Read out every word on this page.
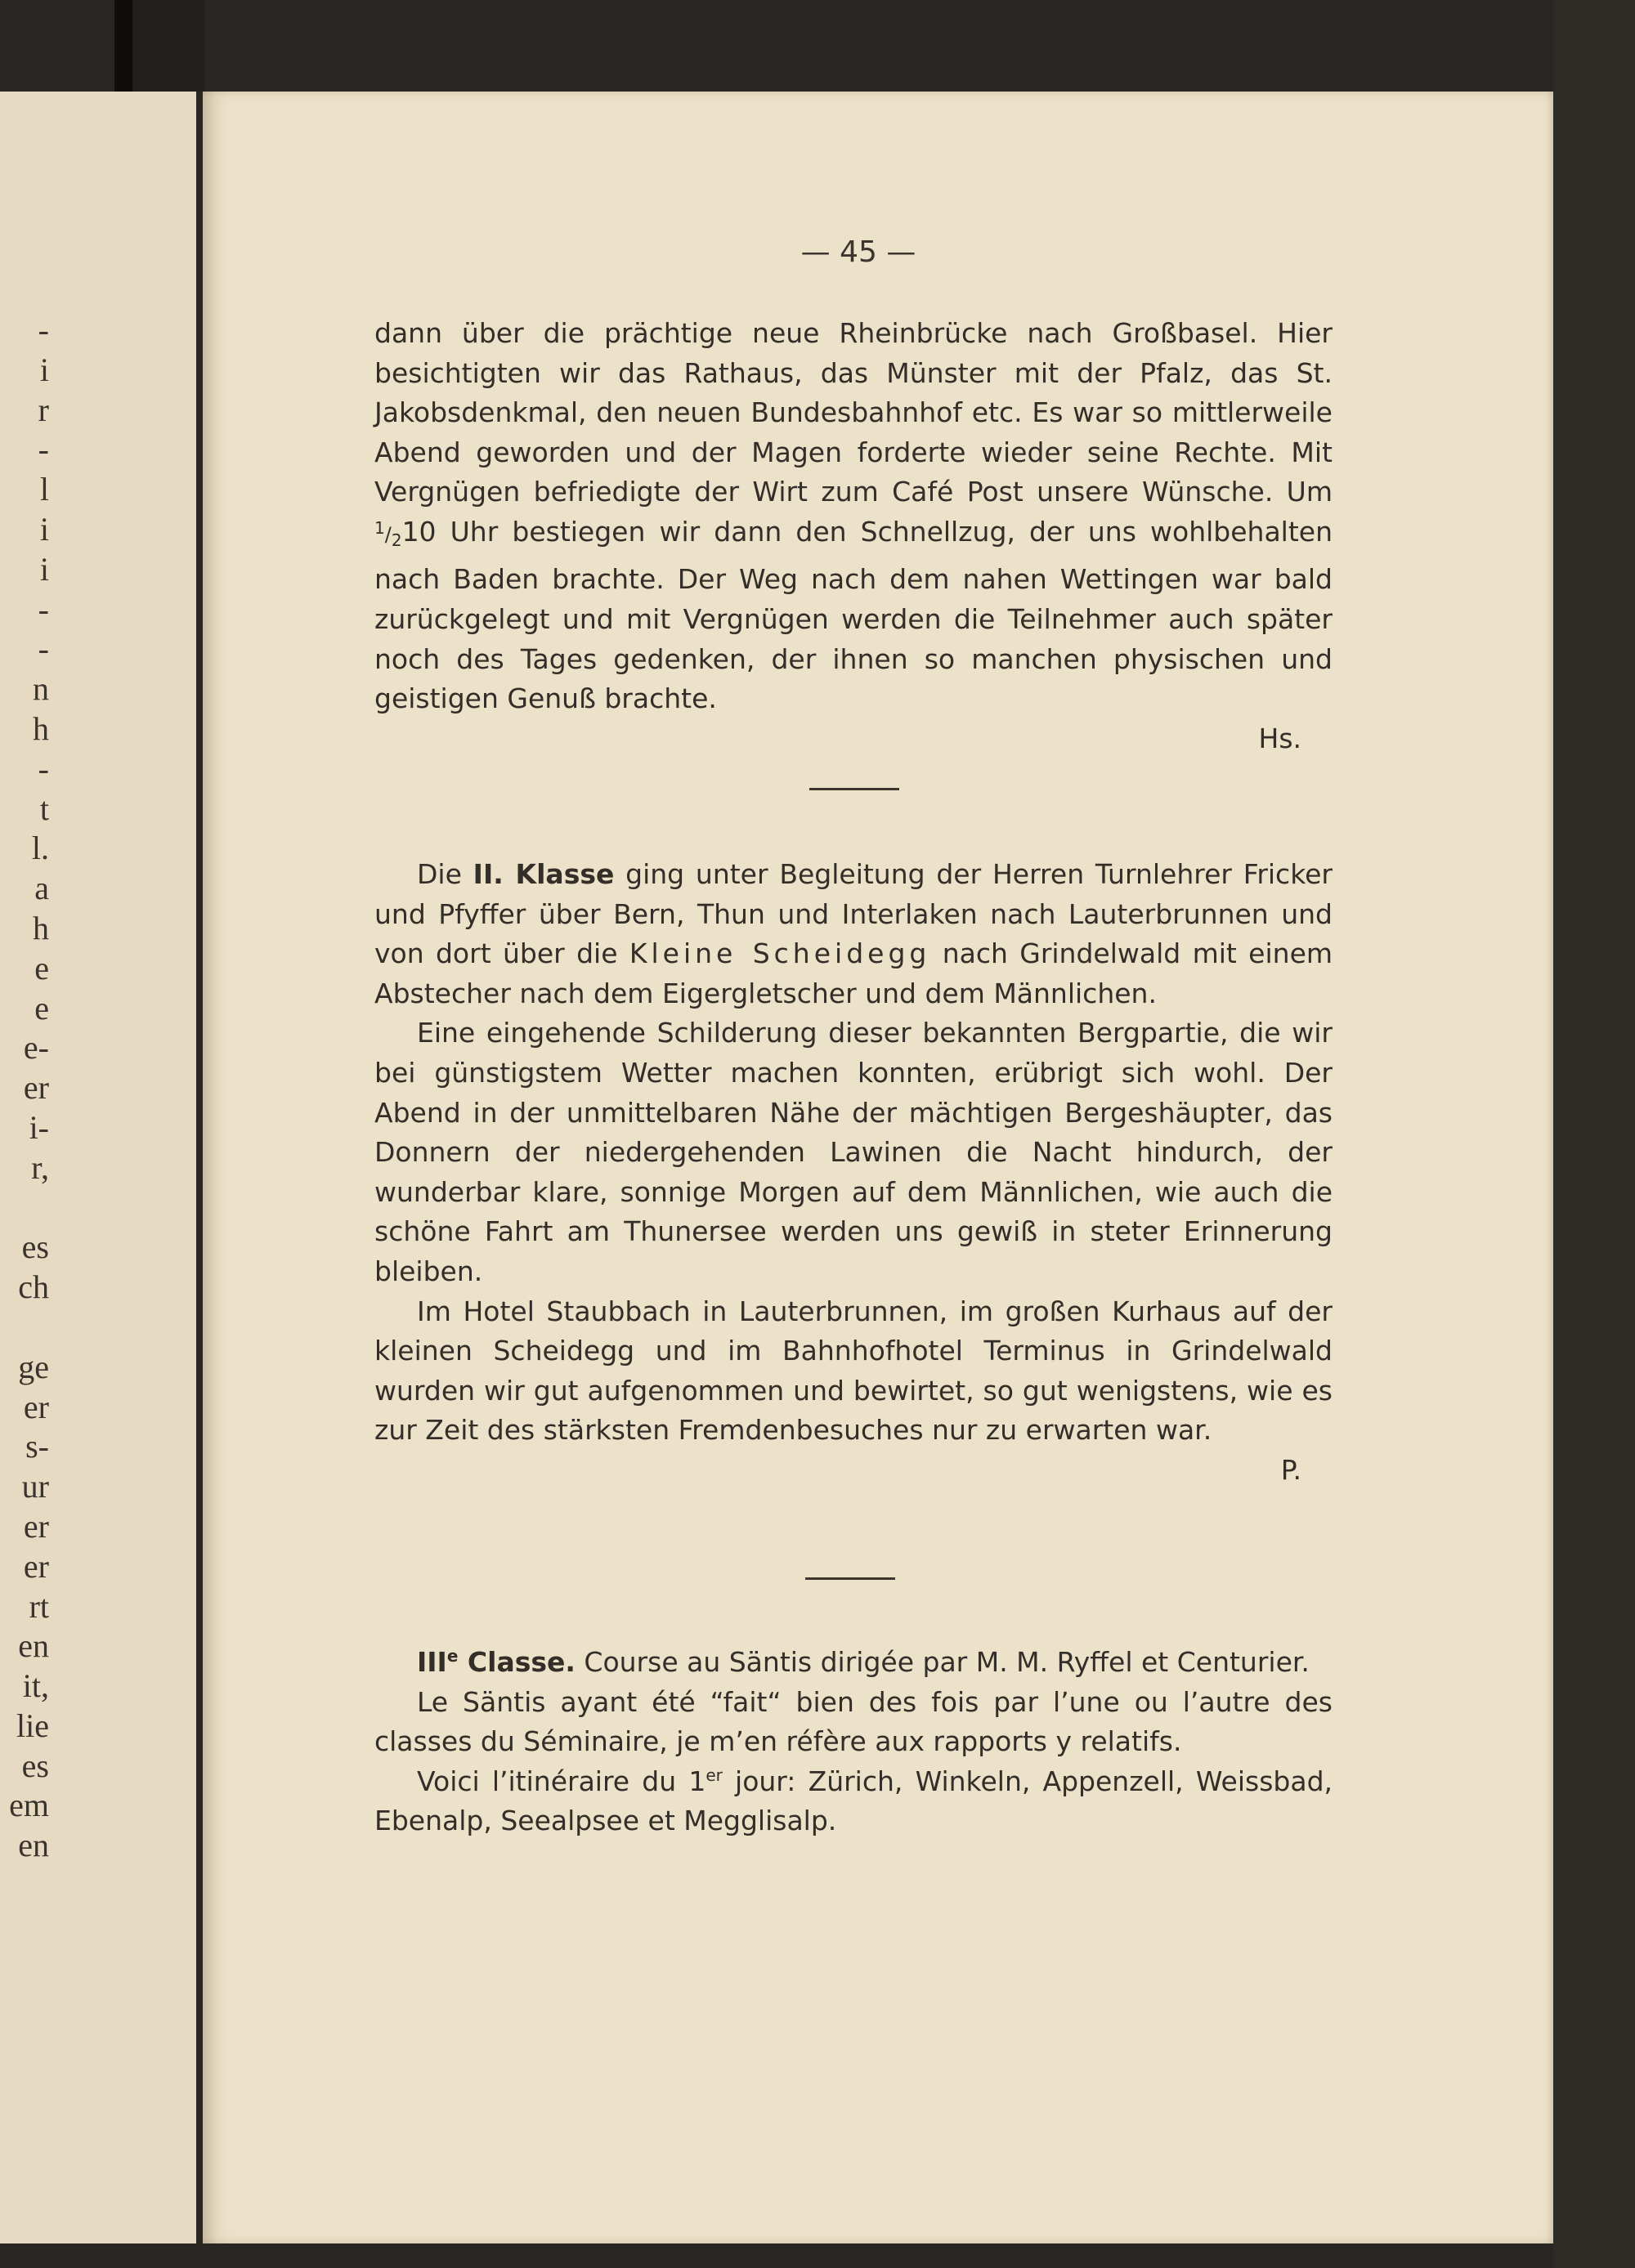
-
i
r
-
l
i
i
-
-
n
h
-
t
l.
a
h
e
e
e-
er
i-
r,

es
ch

ge
er
s-
ur
er
er
rt
en
it,
lie
es
em
en
— 45 —

dann über die prächtige neue Rheinbrücke nach Großbasel. Hier besichtigten wir das Rathaus, das Münster mit der Pfalz, das St. Jakobsdenkmal, den neuen Bundesbahnhof etc. Es war so mittlerweile Abend geworden und der Magen forderte wieder seine Rechte. Mit Vergnügen befriedigte der Wirt zum Café Post unsere Wünsche. Um $^1/_210$ Uhr bestiegen wir dann den Schnellzug, der uns wohlbehalten nach Baden brachte. Der Weg nach dem nahen Wettingen war bald zurückgelegt und mit Vergnügen werden die Teilnehmer auch später noch des Tages gedenken, der ihnen so manchen physischen und geistigen Genuß brachte.

Hs.

Die II. Klasse ging unter Begleitung der Herren Turnlehrer Fricker und Pfyffer über Bern, Thun und Interlaken nach Lauterbrunnen und von dort über die Kleine Scheidegg nach Grindelwald mit einem Abstecher nach dem Eigergletscher und dem Männlichen.

Eine eingehende Schilderung dieser bekannten Bergpartie, die wir bei günstigstem Wetter machen konnten, erübrigt sich wohl. Der Abend in der unmittelbaren Nähe der mächtigen Bergeshäupter, das Donnern der niedergehenden Lawinen die Nacht hindurch, der wunderbar klare, sonnige Morgen auf dem Männlichen, wie auch die schöne Fahrt am Thunersee werden uns gewiß in steter Erinnerung bleiben.

Im Hotel Staubbach in Lauterbrunnen, im großen Kurhaus auf der kleinen Scheidegg und im Bahnhofhotel Terminus in Grindelwald wurden wir gut aufgenommen und bewirtet, so gut wenigstens, wie es zur Zeit des stärksten Fremdenbesuches nur zu erwarten war.

P.

IIIe Classe. Course au Säntis dirigée par M. M. Ryffel et Centurier.

Le Säntis ayant été “fait“ bien des fois par l’une ou l’autre des classes du Séminaire, je m’en réfère aux rapports y relatifs.

Voici l’itinéraire du 1er jour: Zürich, Winkeln, Appenzell, Weissbad, Ebenalp, Seealpsee et Megglisalp.
